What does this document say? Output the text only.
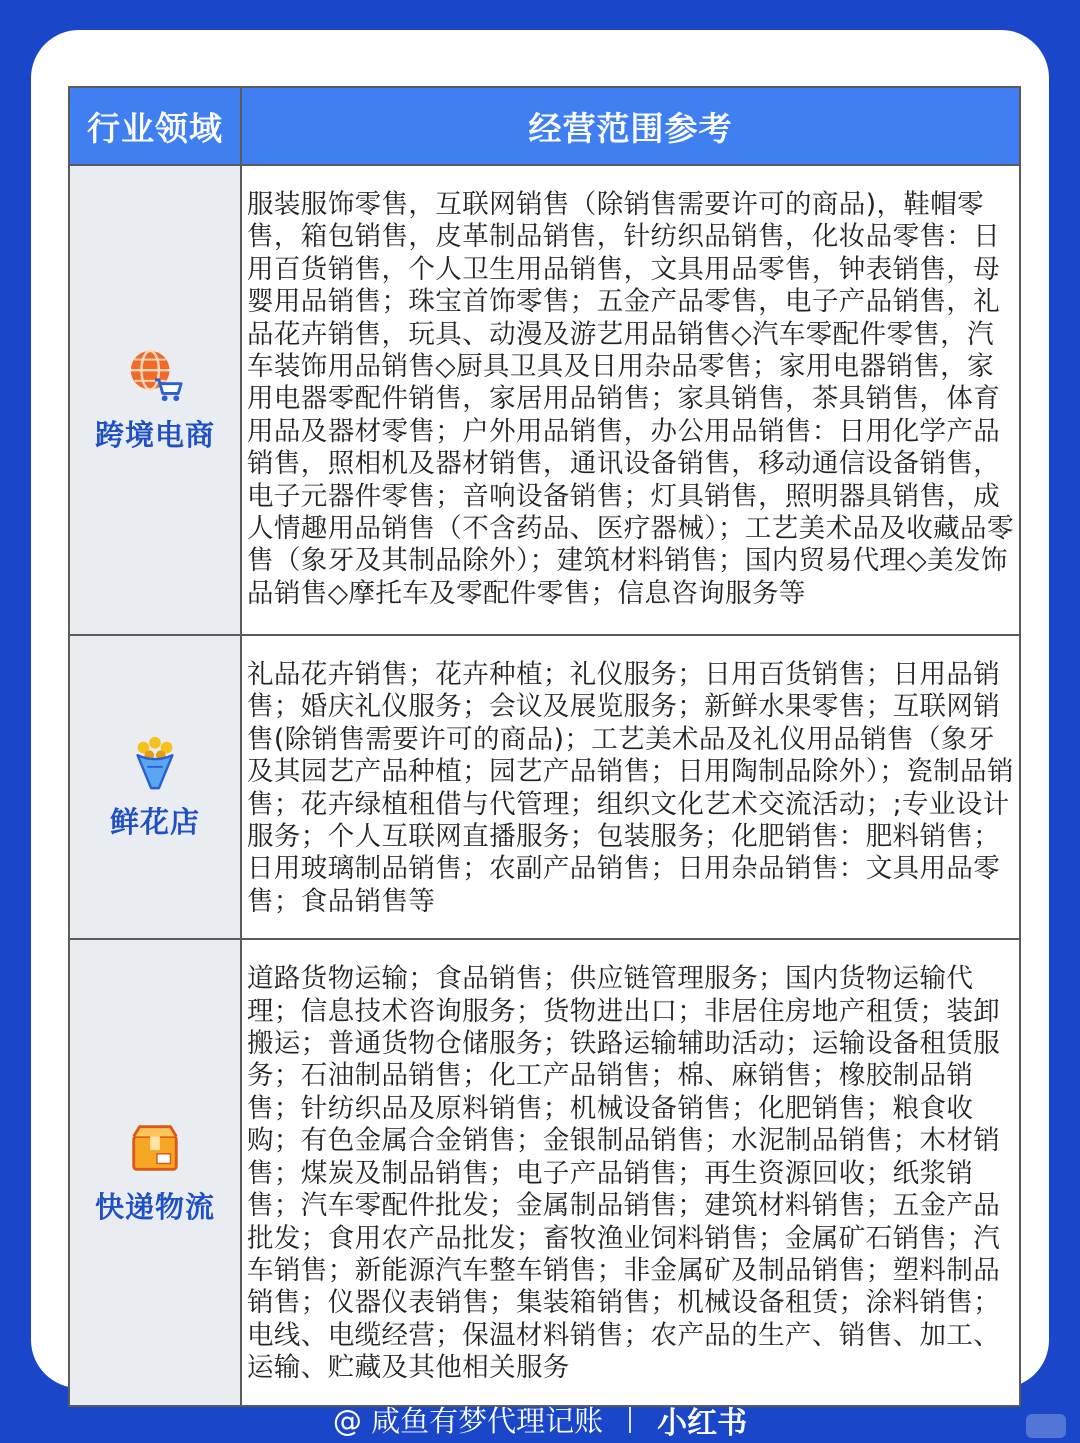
行业领域	经营范围参考

跨境电商	服装服饰零售，互联网销售（除销售需要许可的商品)，鞋帽零售，箱包销售，皮革制品销售，针纺织品销售，化妆品零售：日用百货销售，个人卫生用品销售，文具用品零售，钟表销售，母婴用品销售；珠宝首饰零售；五金产品零售，电子产品销售，礼品花卉销售，玩具、动漫及游艺用品销售◇汽车零配件零售，汽车装饰用品销售◇厨具卫具及日用杂品零售；家用电器销售，家用电器零配件销售，家居用品销售；家具销售，茶具销售，体育用品及器材零售；户外用品销售，办公用品销售：日用化学产品销售，照相机及器材销售，通讯设备销售，移动通信设备销售，电子元器件零售；音响设备销售；灯具销售，照明器具销售，成人情趣用品销售（不含药品、医疗器械）；工艺美术品及收藏品零售（象牙及其制品除外）；建筑材料销售；国内贸易代理◇美发饰品销售◇摩托车及零配件零售；信息咨询服务等

鲜花店	礼品花卉销售；花卉种植；礼仪服务；日用百货销售；日用品销售；婚庆礼仪服务；会议及展览服务；新鲜水果零售；互联网销售(除销售需要许可的商品)；工艺美术品及礼仪用品销售（象牙及其园艺产品种植；园艺产品销售；日用陶制品除外）；瓷制品销售；花卉绿植租借与代管理；组织文化艺术交流活动；;专业设计服务；个人互联网直播服务；包装服务；化肥销售：肥料销售；日用玻璃制品销售；农副产品销售；日用杂品销售：文具用品零售；食品销售等

快递物流	道路货物运输；食品销售；供应链管理服务；国内货物运输代理；信息技术咨询服务；货物进出口；非居住房地产租赁；装卸搬运；普通货物仓储服务；铁路运输辅助活动；运输设备租赁服务；石油制品销售；化工产品销售；棉、麻销售；橡胶制品销售；针纺织品及原料销售；机械设备销售；化肥销售；粮食收购；有色金属合金销售；金银制品销售；水泥制品销售；木材销售；煤炭及制品销售；电子产品销售；再生资源回收；纸浆销售；汽车零配件批发；金属制品销售；建筑材料销售；五金产品批发；食用农产品批发；畜牧渔业饲料销售；金属矿石销售；汽车销售；新能源汽车整车销售；非金属矿及制品销售；塑料制品销售；仪器仪表销售；集装箱销售；机械设备租赁；涂料销售；电线、电缆经营；保温材料销售；农产品的生产、销售、加工、运输、贮藏及其他相关服务
@ 咸鱼有梦代理记账 小红书
